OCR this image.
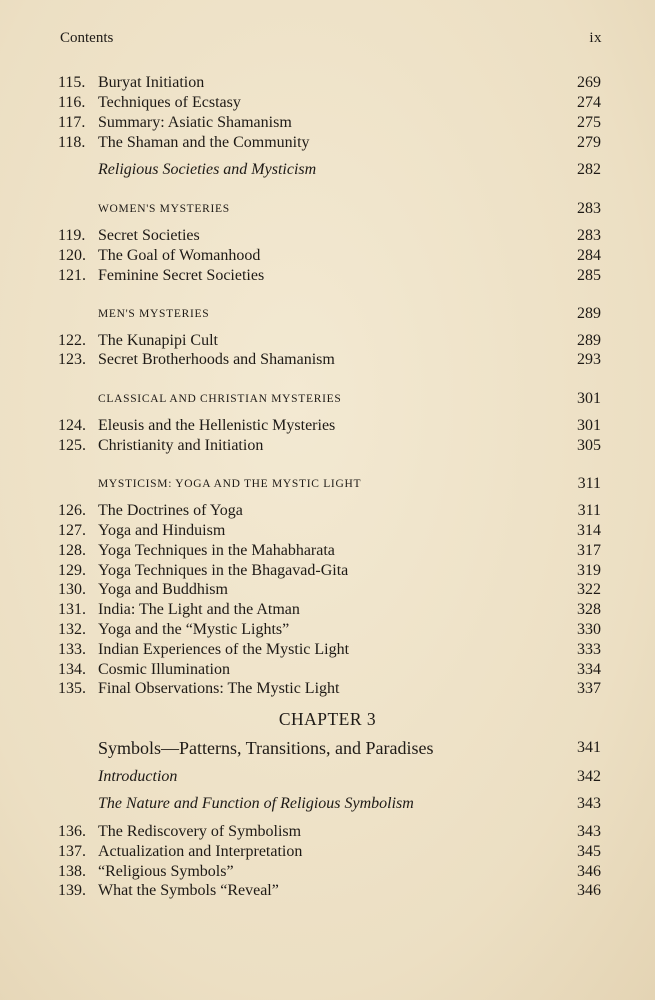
Contents	ix
115. Buryat Initiation	269
116. Techniques of Ecstasy	274
117. Summary: Asiatic Shamanism	275
118. The Shaman and the Community	279
Religious Societies and Mysticism	282
WOMEN'S MYSTERIES	283
119. Secret Societies	283
120. The Goal of Womanhood	284
121. Feminine Secret Societies	285
MEN'S MYSTERIES	289
122. The Kunapipi Cult	289
123. Secret Brotherhoods and Shamanism	293
CLASSICAL AND CHRISTIAN MYSTERIES	301
124. Eleusis and the Hellenistic Mysteries	301
125. Christianity and Initiation	305
MYSTICISM: YOGA AND THE MYSTIC LIGHT	311
126. The Doctrines of Yoga	311
127. Yoga and Hinduism	314
128. Yoga Techniques in the Mahabharata	317
129. Yoga Techniques in the Bhagavad-Gita	319
130. Yoga and Buddhism	322
131. India: The Light and the Atman	328
132. Yoga and the “Mystic Lights”	330
133. Indian Experiences of the Mystic Light	333
134. Cosmic Illumination	334
135. Final Observations: The Mystic Light	337
Symbols—Patterns, Transitions, and Paradises	341
Introduction	342
The Nature and Function of Religious Symbolism	343
136. The Rediscovery of Symbolism	343
137. Actualization and Interpretation	345
138. “Religious Symbols”	346
139. What the Symbols “Reveal”	346
CHAPTER 3
